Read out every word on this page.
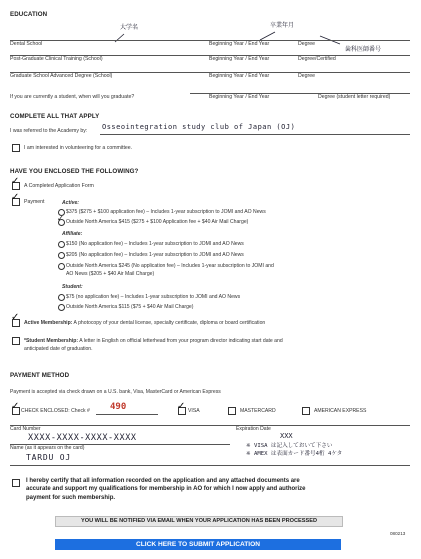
EDUCATION
大学名	卒業年月
歯科医師番号
Dental School	Beginning Year / End Year	Degree
Post-Graduate Clinical Training (School)	Beginning Year / End Year	Degree/Certified
Graduate School Advanced Degree (School)	Beginning Year / End Year	Degree
If you are currently a student, when will you graduate?	Beginning Year / End Year	Degree (student letter required)
COMPLETE ALL THAT APPLY
I was referred to the Academy by: Osseointegration study club of Japan (OJ)
I am interested in volunteering for a committee.
HAVE YOU ENCLOSED THE FOLLOWING?
✓ A Completed Application Form
✓ Payment	Active:
$375 ($275 + $100 application fee) – Includes 1-year subscription to JOMI and AO News
✓ Outside North America $415 ($275 + $100 Application fee + $40 Air Mail Charge)
Affiliate:
$150 (No application fee) – Includes 1-year subscription to JOMI and AO News
$205 (No application fee) – Includes 1-year subscription to JOMI and AO News
Outside North America $245 (No application fee) – Includes 1-year subscription to JOMI and
AO News ($205 + $40 Air Mail Charge)
Student:
$75 (no application fee) – Includes 1-year subscription to JOMI and AO News
Outside North America $115 ($75 + $40 Air Mail Charge)
✓ Active Membership: A photocopy of your dental license, specialty certificate, diploma or board certification
*Student Membership: A letter in English on official letterhead from your program director indicating start date and
anticipated date of graduation.
PAYMENT METHOD
Payment is accepted via check drawn on a U.S. bank, Visa, MasterCard or American Express
✓ CHECK ENCLOSED: Check # 490	✓ VISA	MASTERCARD	AMERICAN EXPRESS
Card Number	Expiration Date
XXXX-XXXX-XXXX-XXXX	XXX
※ VISA は記入しておいて下さい
Name (as it appears on the card)
※ AMEX は表面カード番号4桁 4ケタ
TARDU OJ
I hereby certify that all information recorded on the application and any attached documents are
accurate and support my qualifications for membership in AO for which I now apply and authorize
payment for such membership.
YOU WILL BE NOTIFIED VIA EMAIL WHEN YOUR APPLICATION HAS BEEN PROCESSED
080213
CLICK HERE TO SUBMIT APPLICATION
